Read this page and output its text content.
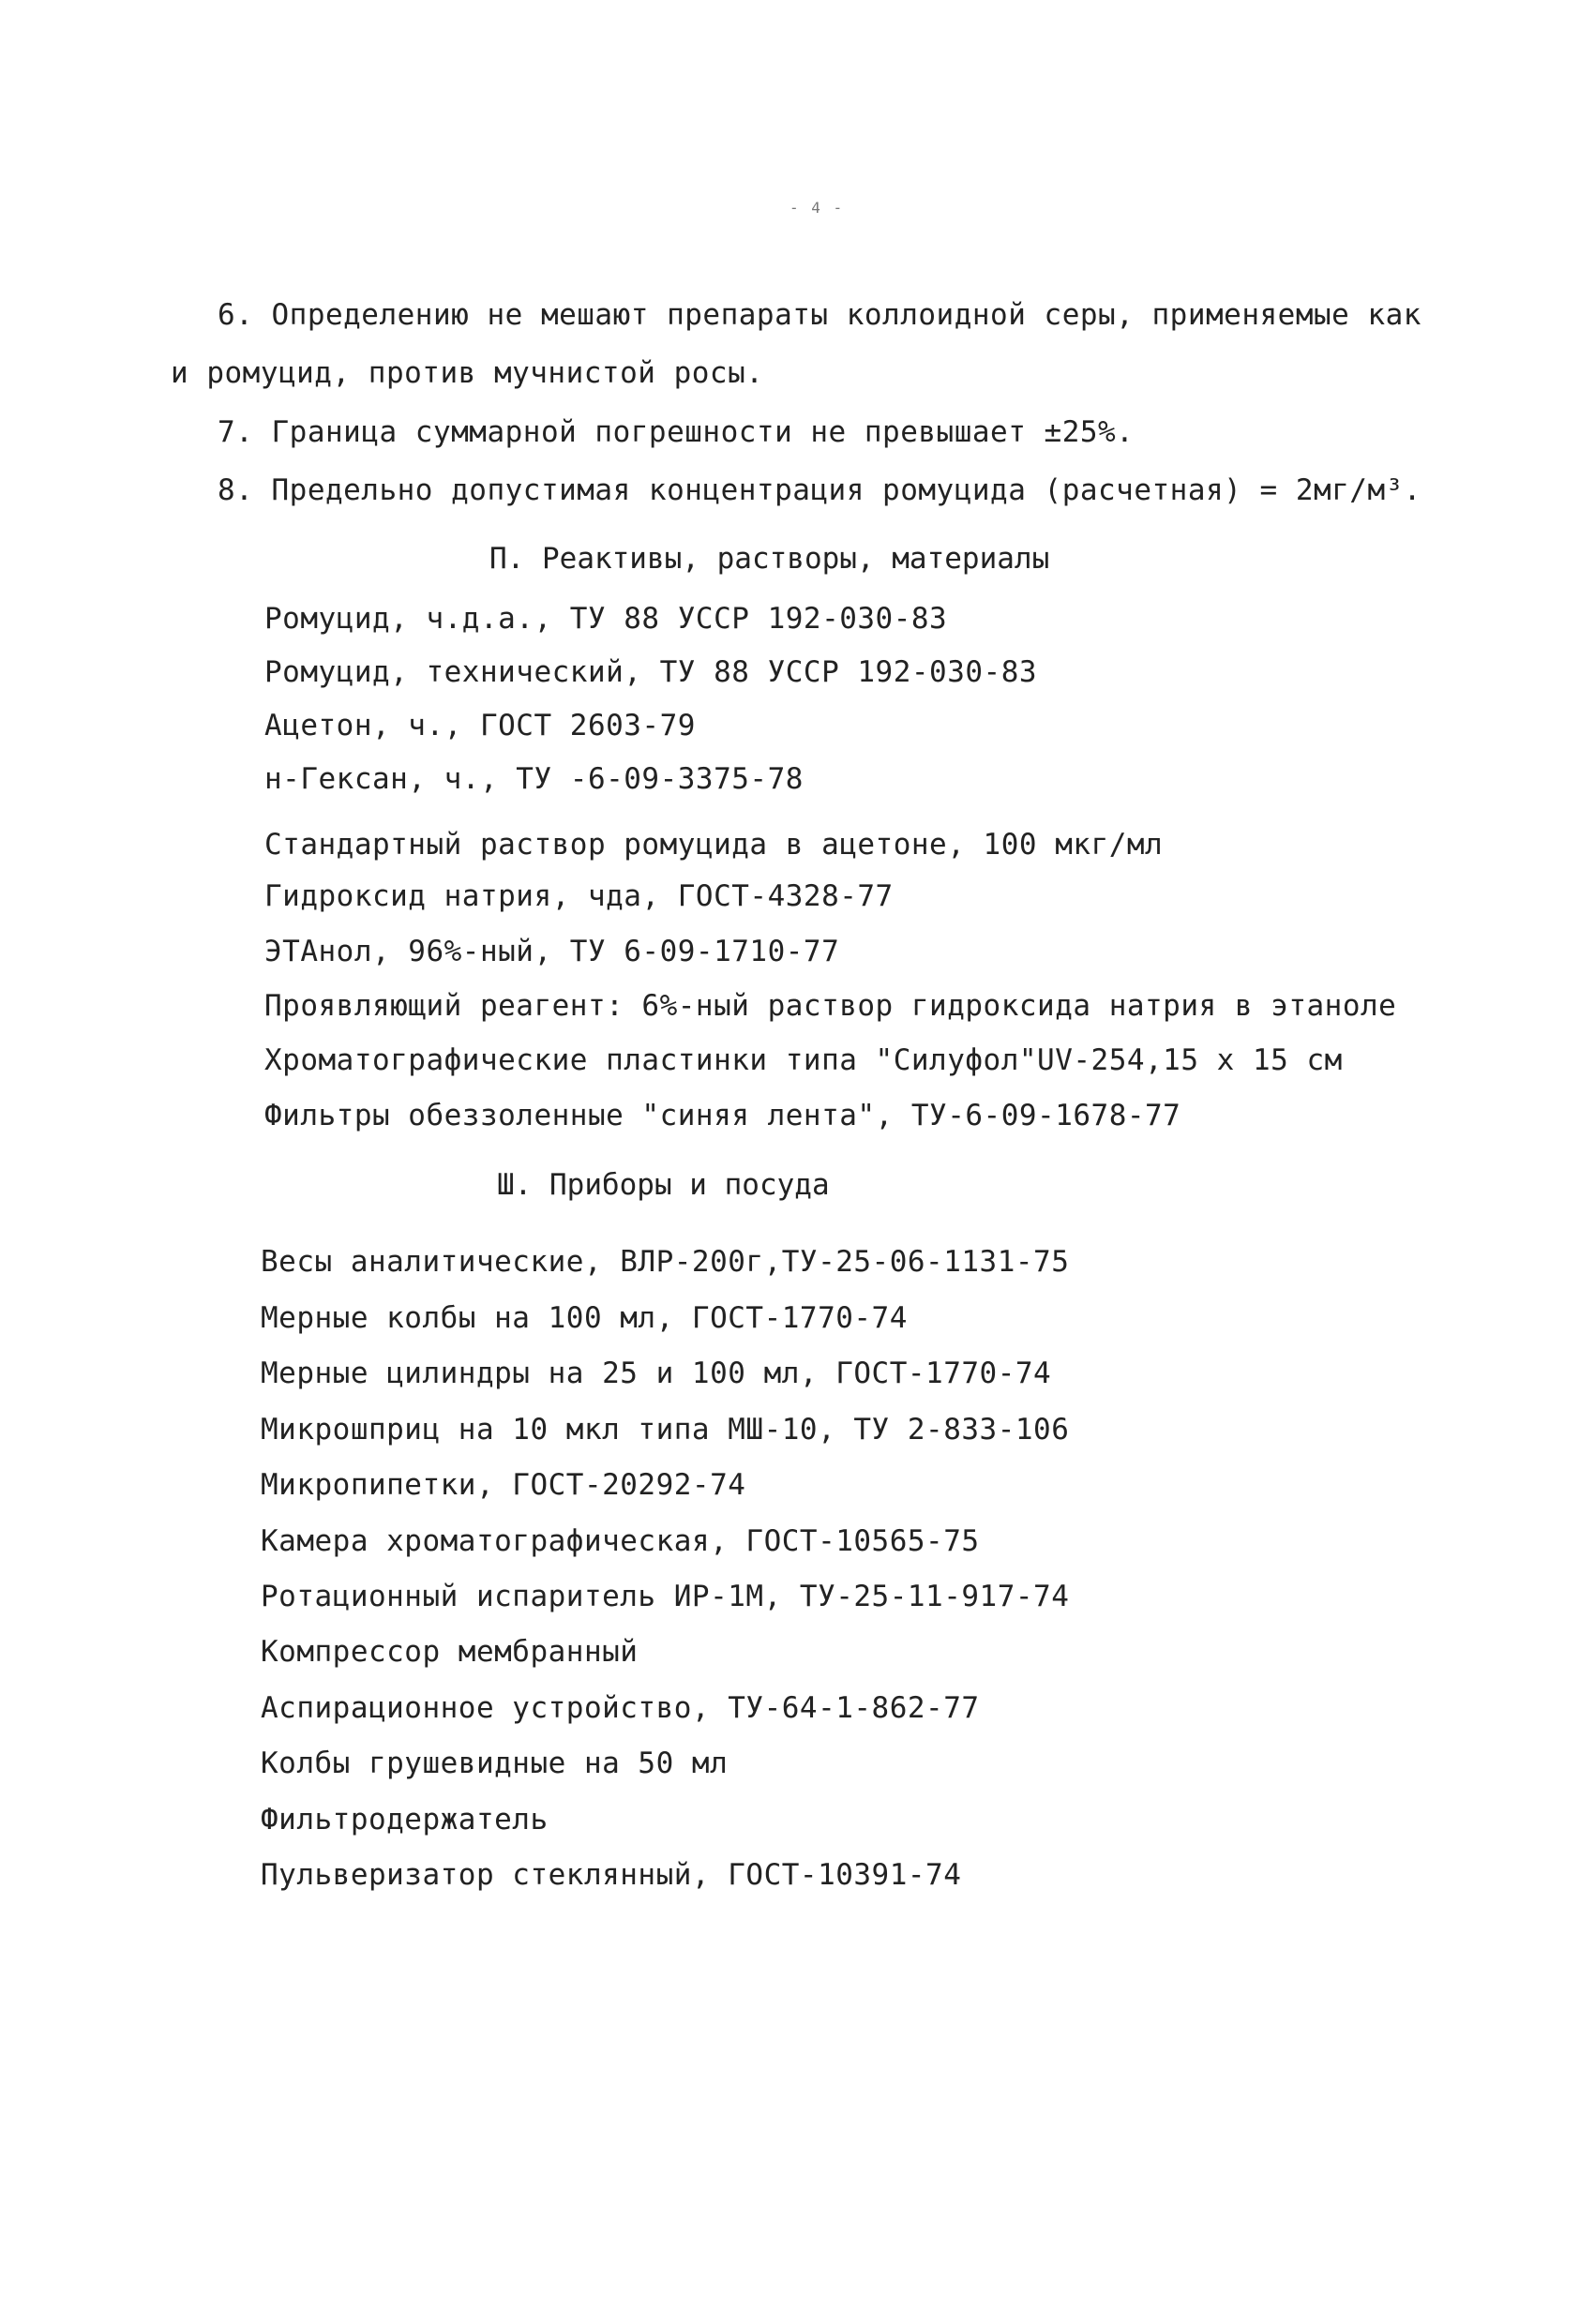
- 4 -
6. Определению не мешают препараты коллоидной серы, применяемые как
и ромуцид, против мучнистой росы.
7. Граница суммарной погрешности не превышает ±25%.
8. Предельно допустимая концентрация ромуцида (расчетная) = 2мг/м³.
П. Реактивы, растворы, материалы
Ромуцид, ч.д.а., ТУ 88 УССР 192-030-83
Ромуцид, технический, ТУ 88 УССР 192-030-83
Ацетон, ч., ГОСТ 2603-79
н-Гексан, ч., ТУ -6-09-3375-78
Стандартный раствор ромуцида в ацетоне, 100 мкг/мл
Гидроксид натрия, чда, ГОСТ-4328-77
ЭТАнол, 96%-ный, ТУ 6-09-1710-77
Проявляющий реагент: 6%-ный раствор гидроксида натрия в этаноле
Хроматографические пластинки типа "Силуфол"UV-254,15 х 15 см
Фильтры обеззоленные "синяя лента", ТУ-6-09-1678-77
Ш. Приборы и посуда
Весы аналитические, ВЛР-200г,ТУ-25-06-1131-75
Мерные колбы на 100 мл, ГОСТ-1770-74
Мерные цилиндры на 25 и 100 мл, ГОСТ-1770-74
Микрошприц на 10 мкл типа МШ-10, ТУ 2-833-106
Микропипетки, ГОСТ-20292-74
Камера хроматографическая, ГОСТ-10565-75
Ротационный испаритель ИР-1М, ТУ-25-11-917-74
Компрессор мембранный
Аспирационное устройство, ТУ-64-1-862-77
Колбы грушевидные на 50 мл
Фильтродержатель
Пульверизатор стеклянный, ГОСТ-10391-74
